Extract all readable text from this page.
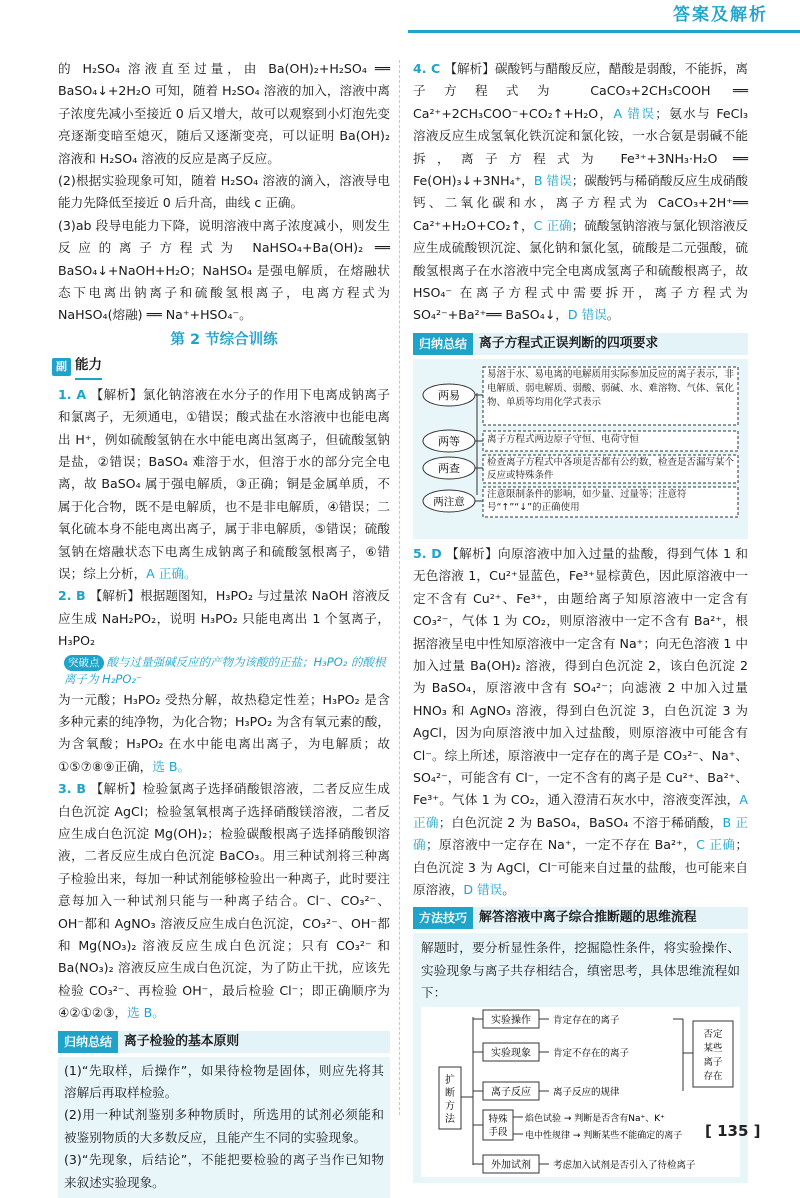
答案及解析

的 H₂SO₄ 溶液直至过量，由 Ba(OH)₂+H₂SO₄ ══ BaSO₄↓+2H₂O 可知，随着 H₂SO₄ 溶液的加入，溶液中离子浓度先减小至接近 0 后又增大，故可以观察到小灯泡先变亮逐渐变暗至熄灭，随后又逐渐变亮，可以证明 Ba(OH)₂ 溶液和 H₂SO₄ 溶液的反应是离子反应。

(2)根据实验现象可知，随着 H₂SO₄ 溶液的滴入，溶液导电能力先降低至接近 0 后升高，曲线 c 正确。

(3)ab 段导电能力下降，说明溶液中离子浓度减小，则发生反应的离子方程式为 NaHSO₄+Ba(OH)₂ ══ BaSO₄↓+NaOH+H₂O；NaHSO₄ 是强电解质，在熔融状态下电离出钠离子和硫酸氢根离子，电离方程式为 NaHSO₄(熔融) ══ Na⁺+HSO₄⁻。

第 2 节综合训练
副 能力

1. A 【解析】氯化钠溶液在水分子的作用下电离成钠离子和氯离子，无须通电，①错误；酸式盐在水溶液中也能电离出 H⁺，例如硫酸氢钠在水中能电离出氢离子，但硫酸氢钠是盐，②错误；BaSO₄ 难溶于水，但溶于水的部分完全电离，故 BaSO₄ 属于强电解质，③正确；铜是金属单质，不属于化合物，既不是电解质，也不是非电解质，④错误；二氧化硫本身不能电离出离子，属于非电解质，⑤错误；硫酸氢钠在熔融状态下电离生成钠离子和硫酸氢根离子，⑥错误；综上分析，A 正确。

2. B 【解析】根据题图知，H₃PO₂ 与过量浓 NaOH 溶液反应生成 NaH₂PO₂，说明 H₃PO₂ 只能电离出 1 个氢离子，H₃PO₂

突破点 酸与过量强碱反应的产物为该酸的正盐；H₃PO₂ 的酸根离子为 H₂PO₂⁻

为一元酸；H₃PO₂ 受热分解，故热稳定性差；H₃PO₂ 是含多种元素的纯净物，为化合物；H₃PO₂ 为含有氧元素的酸，为含氧酸；H₃PO₂ 在水中能电离出离子，为电解质；故①⑤⑦⑧⑨正确，选 B。

3. B 【解析】检验氯离子选择硝酸银溶液，二者反应生成白色沉淀 AgCl；检验氢氧根离子选择硝酸镁溶液，二者反应生成白色沉淀 Mg(OH)₂；检验碳酸根离子选择硝酸钡溶液，二者反应生成白色沉淀 BaCO₃。用三种试剂将三种离子检验出来，每加一种试剂能够检验出一种离子，此时要注意每加入一种试剂只能与一种离子结合。Cl⁻、CO₃²⁻、OH⁻都和 AgNO₃ 溶液反应生成白色沉淀，CO₃²⁻、OH⁻都和 Mg(NO₃)₂ 溶液反应生成白色沉淀；只有 CO₃²⁻ 和 Ba(NO₃)₂ 溶液反应生成白色沉淀，为了防止干扰，应该先检验 CO₃²⁻、再检验 OH⁻，最后检验 Cl⁻；即正确顺序为④②①②③，选 B。

归纳总结 离子检验的基本原则

(1)“先取样，后操作”，如果待检物是固体，则应先将其溶解后再取样检验。

(2)用一种试剂鉴别多种物质时，所选用的试剂必须能和被鉴别物质的大多数反应，且能产生不同的实验现象。

(3)“先现象，后结论”，不能把要检验的离子当作已知物来叙述实验现象。

4. C 【解析】碳酸钙与醋酸反应，醋酸是弱酸，不能拆，离子方程式为 CaCO₃+2CH₃COOH ══ Ca²⁺+2CH₃COO⁻+CO₂↑+H₂O，A 错误；氨水与 FeCl₃ 溶液反应生成氢氧化铁沉淀和氯化铵，一水合氨是弱碱不能拆，离子方程式为 Fe³⁺+3NH₃·H₂O ══ Fe(OH)₃↓+3NH₄⁺，B 错误；碳酸钙与稀硝酸反应生成硝酸钙、二氧化碳和水，离子方程式为 CaCO₃+2H⁺══ Ca²⁺+H₂O+CO₂↑，C 正确；硫酸氢钠溶液与氯化钡溶液反应生成硫酸钡沉淀、氯化钠和氯化氢，硫酸是二元强酸，硫酸氢根离子在水溶液中完全电离成氢离子和硫酸根离子，故 HSO₄⁻ 在离子方程式中需要拆开，离子方程式为 SO₄²⁻+Ba²⁺══ BaSO₄↓，D 错误。

归纳总结 离子方程式正误判断的四项要求
两易
两等
两查
两注意
易溶于水、易电离的电解质用实际参加反应的离子表示，非电解质、弱电解质、弱酸、弱碱、水、难溶物、气体、氧化物、单质等均用化学式表示
离子方程式两边原子守恒、电荷守恒
检查离子方程式中各项是否都有公约数，检查是否漏写某个反应或特殊条件
注意限制条件的影响，如少量、过量等；注意符号“↑”“↓”的正确使用

5. D 【解析】向原溶液中加入过量的盐酸，得到气体 1 和无色溶液 1，Cu²⁺显蓝色，Fe³⁺显棕黄色，因此原溶液中一定不含有 Cu²⁺、Fe³⁺，由题给离子知原溶液中一定含有 CO₃²⁻，气体 1 为 CO₂，则原溶液中一定不含有 Ba²⁺，根据溶液呈电中性知原溶液中一定含有 Na⁺；向无色溶液 1 中加入过量 Ba(OH)₂ 溶液，得到白色沉淀 2，该白色沉淀 2 为 BaSO₄，原溶液中含有 SO₄²⁻；向滤液 2 中加入过量 HNO₃ 和 AgNO₃ 溶液，得到白色沉淀 3，白色沉淀 3 为 AgCl，因为向原溶液中加入过盐酸，则原溶液中可能含有 Cl⁻。综上所述，原溶液中一定存在的离子是 CO₃²⁻、Na⁺、SO₄²⁻，可能含有 Cl⁻，一定不含有的离子是 Cu²⁺、Ba²⁺、Fe³⁺。气体 1 为 CO₂，通入澄清石灰水中，溶液变浑浊，A 正确；白色沉淀 2 为 BaSO₄，BaSO₄ 不溶于稀硝酸，B 正确；原溶液中一定存在 Na⁺，一定不存在 Ba²⁺，C 正确；白色沉淀 3 为 AgCl，Cl⁻可能来自过量的盐酸，也可能来自原溶液，D 错误。

方法技巧 解答溶液中离子综合推断题的思维流程

解题时，要分析显性条件，挖掘隐性条件，将实验操作、实验现象与离子共存相结合，缜密思考，具体思维流程如下：

扩断方法
实验操作
实验现象
离子反应
特殊
手段
外加试剂
肯定存在的离子
肯定不存在的离子
离子反应的规律
焰色试验 → 判断是否含有Na⁺、K⁺
电中性规律 → 判断某些不能确定的离子
考虑加入试剂是否引入了待检离子
否定
某些
离子
存在
[ 135 ]
